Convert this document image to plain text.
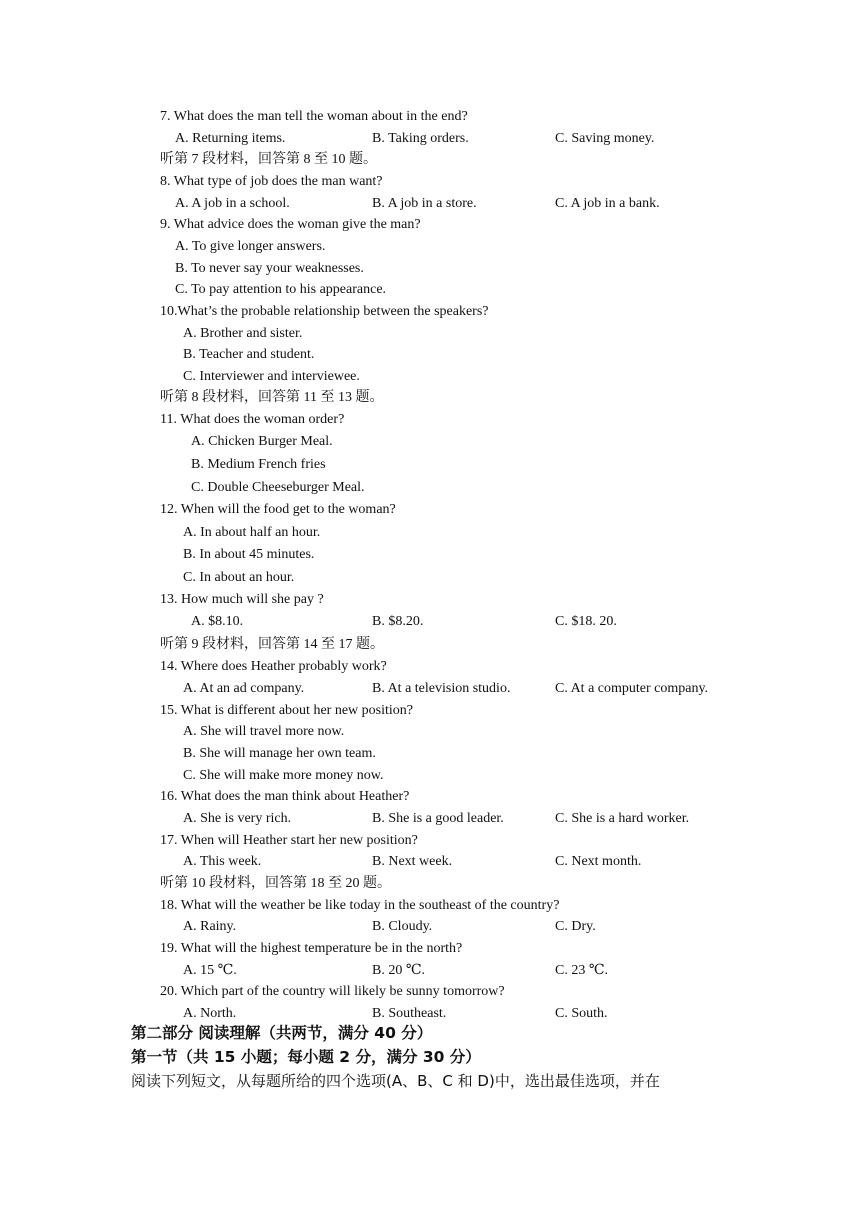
7. What does the man tell the woman about in the end?
A. Returning items.	B. Taking orders.	C. Saving money.
听第 7 段材料，回答第 8 至 10 题。
8. What type of job does the man want?
A. A job in a school.	B. A job in a store.	C. A job in a bank.
9. What advice does the woman give the man?
A. To give longer answers.
B. To never say your weaknesses.
C. To pay attention to his appearance.
10.What’s the probable relationship between the speakers?
A. Brother and sister.
B. Teacher and student.
C. Interviewer and interviewee.
听第 8 段材料，回答第 11 至 13 题。
11. What does the woman order?
A. Chicken Burger Meal.
B. Medium French fries
C. Double Cheeseburger Meal.
12. When will the food get to the woman?
A. In about half an hour.
B. In about 45 minutes.
C. In about an hour.
13. How much will she pay ?
A. $8.10.	B. $8.20.	C. $18. 20.
听第 9 段材料，回答第 14 至 17 题。
14. Where does Heather probably work?
A. At an ad company.	B. At a television studio.	C. At a computer company.
15. What is different about her new position?
A. She will travel more now.
B. She will manage her own team.
C. She will make more money now.
16. What does the man think about Heather?
A. She is very rich.	B. She is a good leader.	C. She is a hard worker.
17. When will Heather start her new position?
A. This week.	B. Next week.	C. Next month.
听第 10 段材料，回答第 18 至 20 题。
18. What will the weather be like today in the southeast of the country?
A. Rainy.	B. Cloudy.	C. Dry.
19. What will the highest temperature be in the north?
A. 15 ℃.	B. 20 ℃.	C. 23 ℃.
20. Which part of the country will likely be sunny tomorrow?
A. North.	B. Southeast.	C. South.
第二部分 阅读理解（共两节，满分 40 分）
第一节（共 15 小题；每小题 2 分，满分 30 分）
阅读下列短文，从每题所给的四个选项(A、B、C 和 D)中，选出最佳选项，并在
